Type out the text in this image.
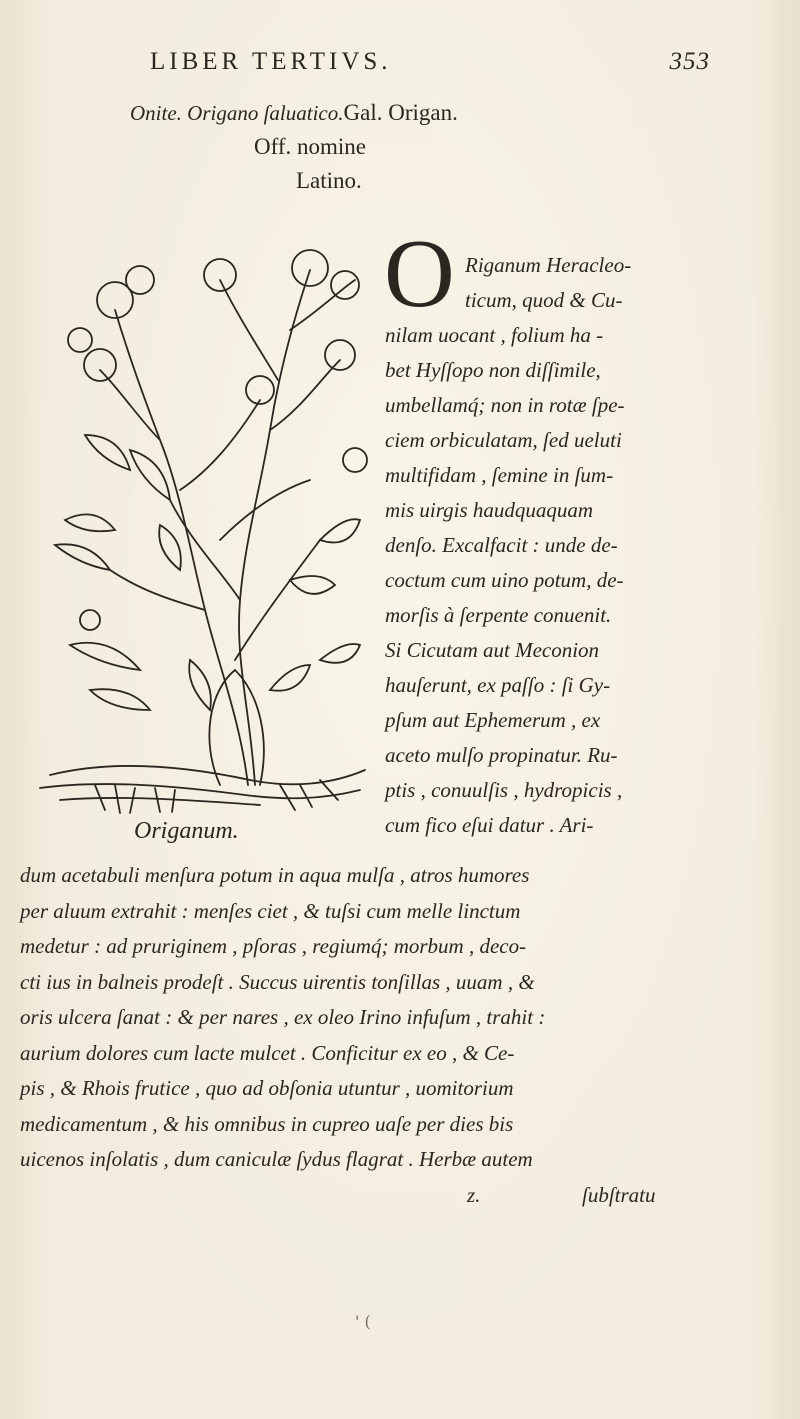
LIBER TERTIVS.	353
Onite. Origano ſaluatico.Gal. Origan.
Off. nomine
Latino.
Origanum.
O Riganum Heracleo-
ticum, quod & Cu-
nilam uocant , folium ha -
bet Hyſſopo non diſſimile,
umbellamq́; non in rotæ ſpe-
ciem orbiculatam, ſed ueluti
multifidam , ſemine in ſum-
mis uirgis haudquaquam
denſo. Excalfacit : unde de-
coctum cum uino potum, de-
morſis à ſerpente conuenit.
Si Cicutam aut Meconion
hauſerunt, ex paſſo : ſi Gy-
pſum aut Ephemerum , ex
aceto mulſo propinatur. Ru-
ptis , conuulſis , hydropicis ,
cum fico eſui datur . Ari-
dum acetabuli menſura potum in aqua mulſa , atros humores
per aluum extrahit : menſes ciet , & tuſsi cum melle linctum
medetur : ad pruriginem , pſoras , regiumq́; morbum , deco-
cti ius in balneis prodeſt . Succus uirentis tonſillas , uuam , &
oris ulcera ſanat : & per nares , ex oleo Irino infuſum , trahit :
aurium dolores cum lacte mulcet . Conficitur ex eo , & Ce-
pis , & Rhois frutice , quo ad obſonia utuntur , uomitorium
medicamentum , & his omnibus in cupreo uaſe per dies bis
uicenos inſolatis , dum caniculæ ſydus flagrat . Herbæ autem
z.	ſubſtratu
' (
